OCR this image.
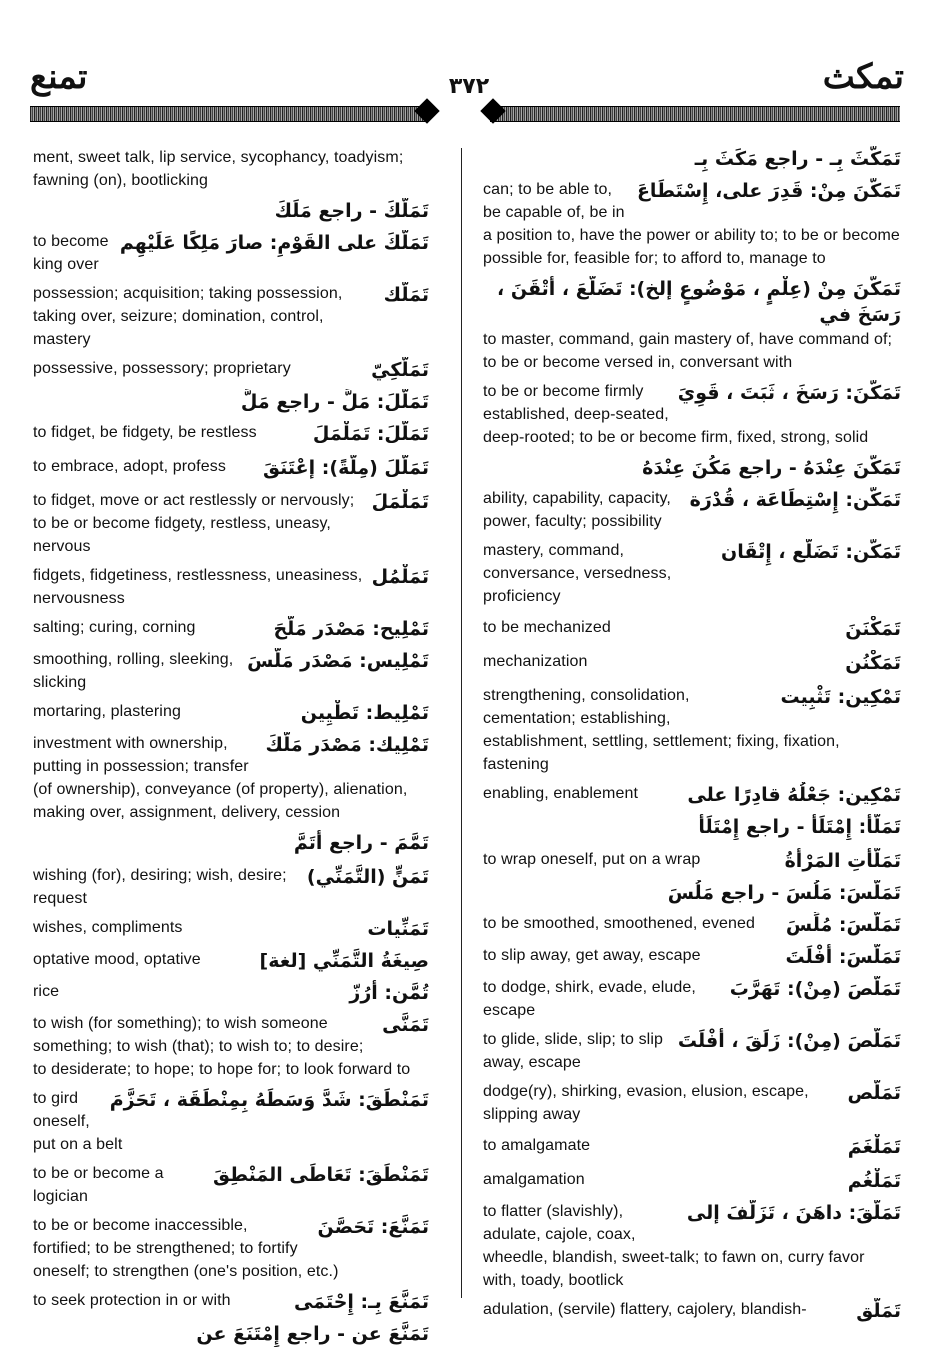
تمكث
٣٧٢
تمنع
تَمَكَّثَ بِـ - راجع مَكَثَ بِـ
تَمَكَّنَ مِنْ: قَدِرَ على، إِسْتَطَاعَ
can; to be able to, be capable of, be in a position to, have the power or ability to; to be or become possible for, feasible for; to afford to, manage to
تَمَكَّنَ مِنْ (عِلْمٍ ، مَوْضُوعٍ إلخ): تَضَلَّعَ ، أَتْقَنَ ، رَسَخَ في
to master, command, gain mastery of, have command of; to be or become versed in, conversant with
تَمَكَّنَ: رَسَخَ ، ثَبَتَ ، قَوِيَ
to be or become firmly established, deep-seated, deep-rooted; to be or become firm, fixed, strong, solid
تَمَكَّنَ عِنْدَهُ - راجع مَكُنَ عِنْدَهُ
تَمَكُّن: إِسْتِطَاعَة ، قُدْرَة
ability, capability, capacity, power, faculty; possibility
تَمَكُّن: تَضَلُّع ، إِتْقَان
mastery, command, conversance, versedness, proficiency
تَمَكْنَنَ
to be mechanized
تَمَكْنُن
mechanization
تَمْكِين: تَثْبِيت
strengthening, consolidation, cementation; establishing, establishment, settling, settlement; fixing, fixation, fastening
تَمْكِين: جَعْلُهُ قادِرًا على
enabling, enablement
تَمَلَّأَ: إِمْتَلَأَ - راجع إِمْتَلَأَ
تَمَلَّأَتِ المَرْأَةُ
to wrap oneself, put on a wrap
تَمَلَّسَ: مَلُسَ - راجع مَلُسَ
تَمَلَّسَ: مُلِّسَ
to be smoothed, smoothened, evened
تَمَلَّسَ: أَفْلَتَ
to slip away, get away, escape
تَمَلَّصَ (مِنْ): تَهَرَّبَ
to dodge, shirk, evade, elude, escape
تَمَلَّصَ (مِنْ): زَلَقَ ، أَفْلَتَ
to glide, slide, slip; to slip away, escape
تَمَلُّص
dodge(ry), shirking, evasion, elusion, escape, slipping away
تَمَلْغَمَ
to amalgamate
تَمَلْغُم
amalgamation
تَمَلَّقَ: داهَنَ ، تَزَلَّفَ إلى
to flatter (slavishly), adulate, cajole, coax, wheedle, blandish, sweet-talk; to fawn on, curry favor with, toady, bootlick
تَمَلُّق
adulation, (servile) flattery, cajolery, blandish-
ment, sweet talk, lip service, sycophancy, toadyism; fawning (on), bootlicking
تَمَلَّكَ - راجع مَلَكَ
تَمَلَّكَ على القَوْمِ: صارَ مَلِكًا عَلَيْهِم
to become king over
تَمَلُّك
possession; acquisition; taking possession, taking over, seizure; domination, control, mastery
تَمَلُّكِيّ
possessive, possessory; proprietary
تَمَلَّلَ: مَلَّ - راجع مَلَّ
تَمَلَّلَ: تَمَلْمَلَ
to fidget, be fidgety, be restless
تَمَلَّلَ (مِلَّةً): إعْتَنَقَ
to embrace, adopt, profess
تَمَلْمَلَ
to fidget, move or act restlessly or nervously; to be or become fidgety, restless, uneasy, nervous
تَمَلْمُل
fidgets, fidgetiness, restlessness, uneasiness, nervousness
تَمْلِيح: مَصْدَر مَلَّحَ
salting; curing, corning
تَمْلِيس: مَصْدَر مَلَّسَ
smoothing, rolling, sleeking, slicking
تَمْلِيط: تَطْيِين
mortaring, plastering
تَمْلِيك: مَصْدَر مَلَّكَ
investment with ownership, putting in possession; transfer (of ownership), conveyance (of property), alienation, making over, assignment, delivery, cession
تَمَّمَ - راجع أَتَمَّ
تَمَنٍّ (التَّمَنِّي)
wishing (for), desiring; wish, desire; request
تَمَنِّيات
wishes, compliments
صِيغَةُ التَّمَنِّي [لغة]
optative mood, optative
تُمَّن: أَرُزّ
rice
تَمَنَّى
to wish (for something); to wish someone something; to wish (that); to wish to; to desire; to desiderate; to hope; to hope for; to look forward to
تَمَنْطَقَ: شَدَّ وَسَطَهُ بِمِنْطَقَة ، تَحَزَّمَ
to gird oneself, put on a belt
تَمَنْطَقَ: تَعَاطَى المَنْطِقَ
to be or become a logician
تَمَنَّعَ: تَحَصَّنَ
to be or become inaccessible, fortified; to be strengthened; to fortify oneself; to strengthen (one's position, etc.)
تَمَنَّعَ بِـ: إِحْتَمَى
to seek protection in or with
تَمَنَّعَ عن - راجع إِمْتَنَعَ عن
